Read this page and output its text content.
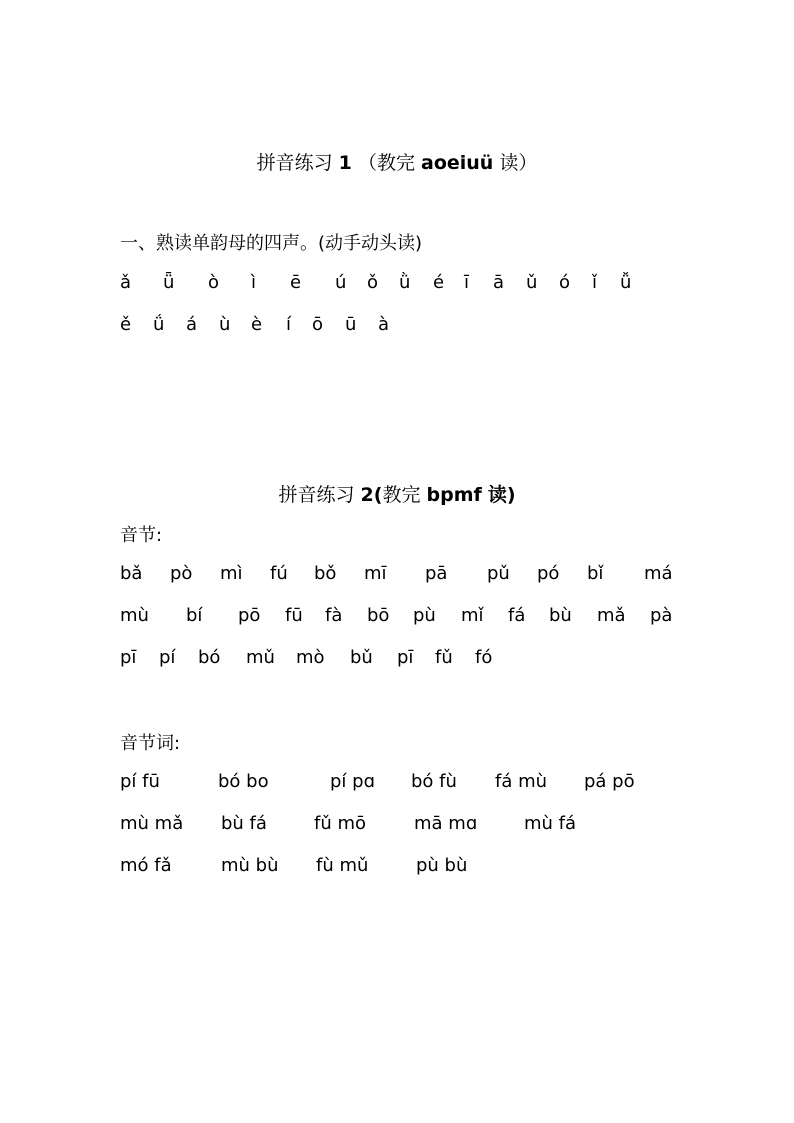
拼音练习 1 （教完 aoeiuü 读）
一、熟读单韵母的四声。(动手动头读)
ǎ ǖ ò ì ē ú ǒ ǜ é ī ā ǔ ó ǐ ǚ
ě ǘ á ù è í ō ū à
拼音练习 2(教完 bpmf 读)
音节:
bǎ pò mì fú bǒ mī pā pǔ pó bǐ má
mù bí pō fū fà bō pù mǐ fá bù mǎ pà
pī pí bó mǔ mò bǔ pī fǔ fó
音节词:
pí fū	bó bo	pí pɑ bó fù fá mù pá pō
mù mǎ bù fá	fǔ mō	mā mɑ	mù fá
mó fǎ	mù bù fù mǔ	pù bù
